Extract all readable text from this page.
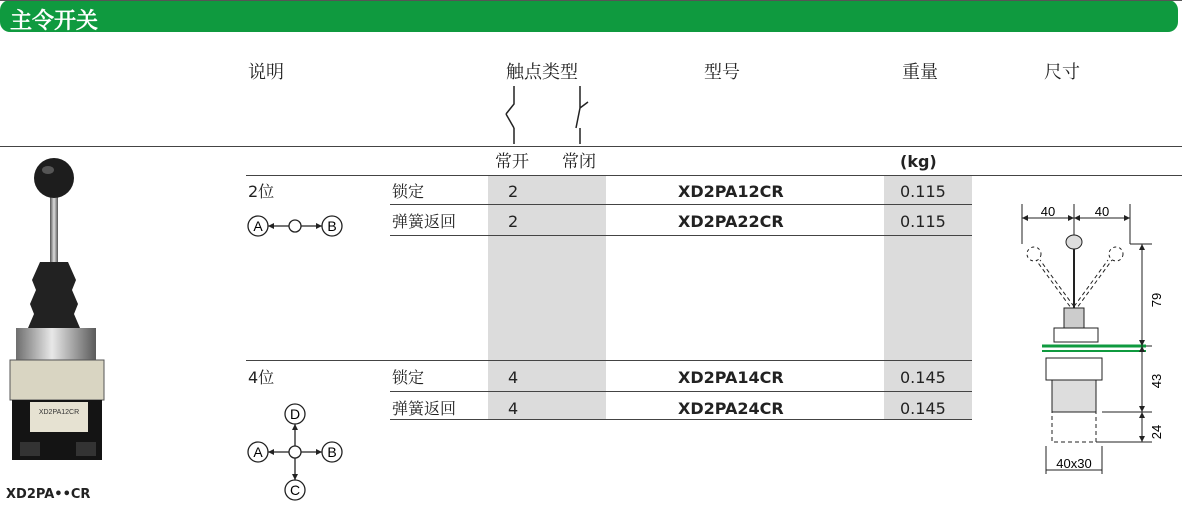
主令开关
说明	触点类型	型号	重量	尺寸
常开 常闭	(kg)
2位	锁定	2	XD2PA12CR	0.115
弹簧返回	2	XD2PA22CR	0.115
A	B
4位	锁定	4	XD2PA14CR	0.145
弹簧返回	4	XD2PA24CR	0.145
D
A	B
C
XD2PA12CR
XD2PA••CR
40	40
79
43
24
40x30
